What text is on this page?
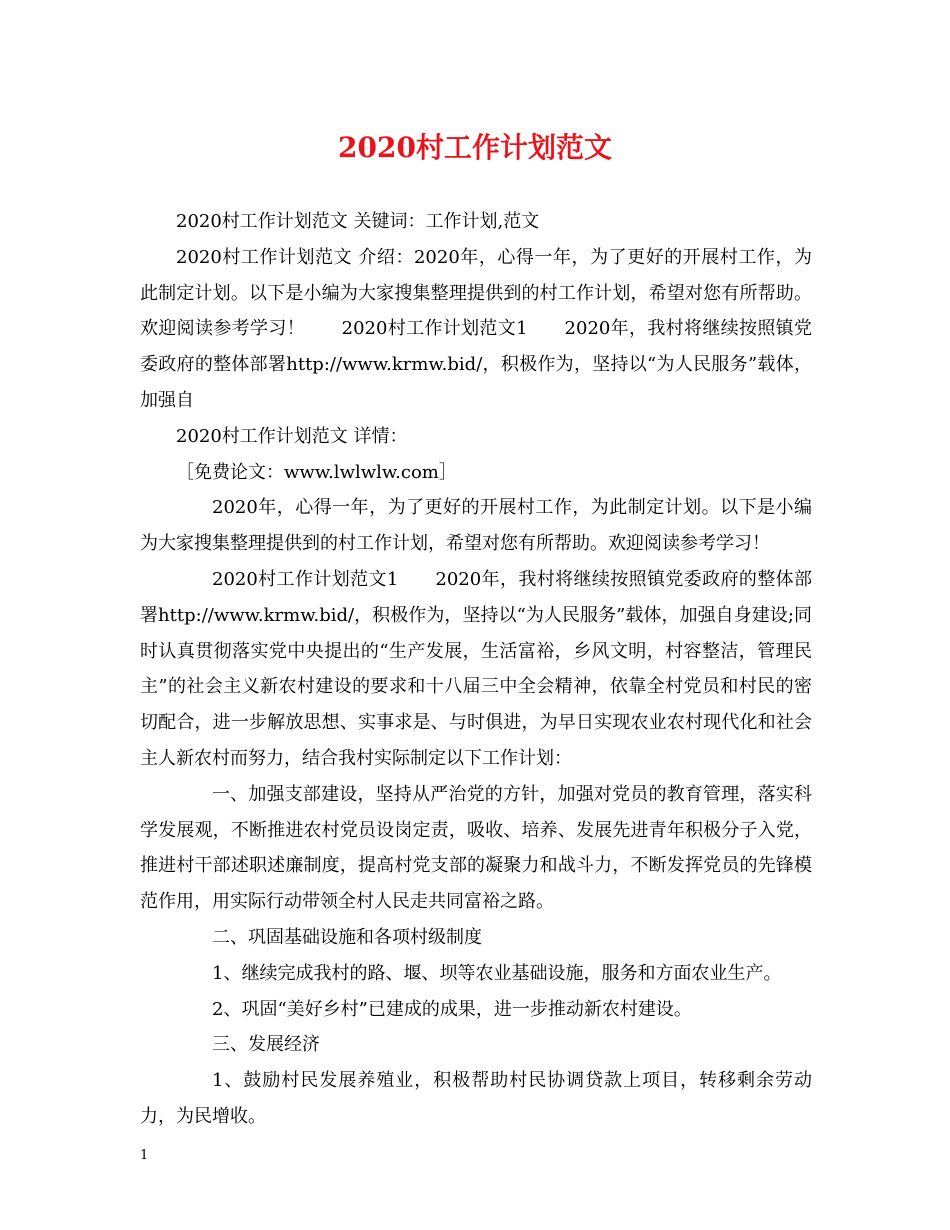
2020村工作计划范文

2020村工作计划范文 关键词：工作计划,范文

2020村工作计划范文 介绍：2020年，心得一年，为了更好的开展村工作，为此制定计划。以下是小编为大家搜集整理提供到的村工作计划，希望对您有所帮助。欢迎阅读参考学习！　　2020村工作计划范文1　　2020年，我村将继续按照镇党委政府的整体部署http://www.krmw.bid/，积极作为，坚持以“为人民服务”载体，加强自

2020村工作计划范文 详情：

［免费论文：www.lwlwlw.com］

2020年，心得一年，为了更好的开展村工作，为此制定计划。以下是小编为大家搜集整理提供到的村工作计划，希望对您有所帮助。欢迎阅读参考学习！

2020村工作计划范文1　　2020年，我村将继续按照镇党委政府的整体部署http://www.krmw.bid/，积极作为，坚持以“为人民服务”载体，加强自身建设;同时认真贯彻落实党中央提出的“生产发展，生活富裕，乡风文明，村容整洁，管理民主”的社会主义新农村建设的要求和十八届三中全会精神，依靠全村党员和村民的密切配合，进一步解放思想、实事求是、与时俱进，为早日实现农业农村现代化和社会主人新农村而努力，结合我村实际制定以下工作计划：

一、加强支部建设，坚持从严治党的方针，加强对党员的教育管理，落实科学发展观，不断推进农村党员设岗定责，吸收、培养、发展先进青年积极分子入党，推进村干部述职述廉制度，提高村党支部的凝聚力和战斗力，不断发挥党员的先锋模范作用，用实际行动带领全村人民走共同富裕之路。

二、巩固基础设施和各项村级制度

1、继续完成我村的路、堰、坝等农业基础设施，服务和方面农业生产。

2、巩固“美好乡村”已建成的成果，进一步推动新农村建设。

三、发展经济

1、鼓励村民发展养殖业，积极帮助村民协调贷款上项目，转移剩余劳动力，为民增收。

1
